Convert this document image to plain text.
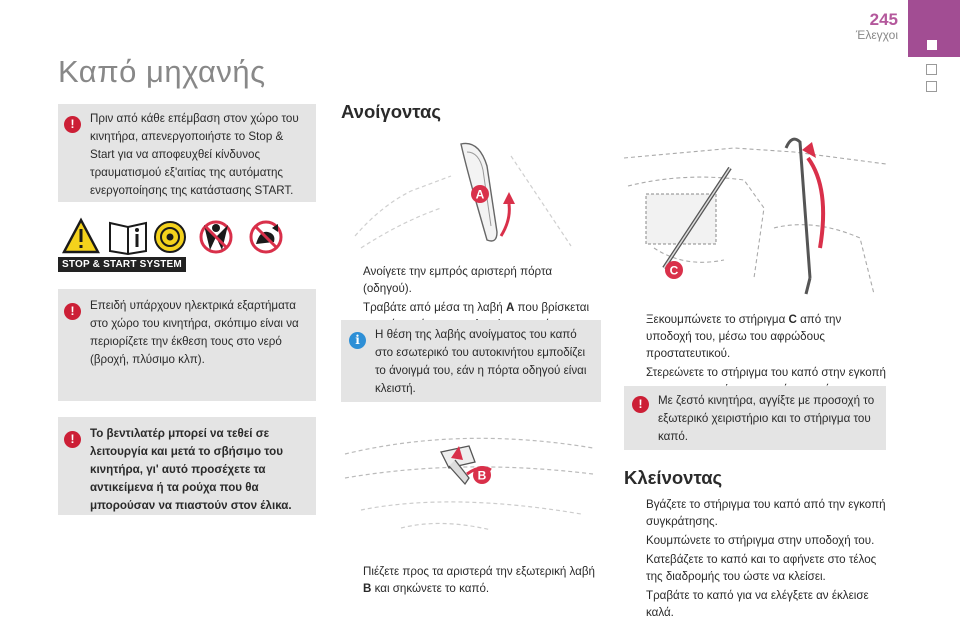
245
Έλεγχοι
Καπό μηχανής
!	Πριν από κάθε επέμβαση στον χώρο του κινητήρα, απενεργοποιήστε το Stop & Start για να αποφευχθεί κίνδυνος τραυματισμού εξ'αιτίας της αυτόματης ενεργοποίησης της κατάστασης START.

STOP & START SYSTEM
!	Επειδή υπάρχουν ηλεκτρικά εξαρτήματα στο χώρο του κινητήρα, σκόπιμο είναι να περιορίζετε την έκθεση τους στο νερό (βροχή, πλύσιμο κλπ).

!	Το βεντιλατέρ μπορεί να τεθεί σε λειτουργία και μετά το σβήσιμο του κινητήρα, γι' αυτό προσέχετε τα αντικείμενα ή τα ρούχα που θα μπορούσαν να πιαστούν στον έλικα.

Ανοίγοντας
A
Ανοίγετε την εμπρός αριστερή πόρτα (οδηγού).
Τραβάτε από μέσα τη λαβή A που βρίσκεται
i	Η θέση της λαβής ανοίγματος του καπό στο εσωτερικό του αυτοκινήτου εμποδίζει το άνοιγμά του, εάν η πόρτα οδηγού είναι κλειστή.

B
Πιέζετε προς τα αριστερά την εξωτερική λαβή B και σηκώνετε το καπό.
C
Ξεκουμπώνετε το στήριγμα C από την υποδοχή του, μέσω του αφρώδους προστατευτικού.
Στερεώνετε το στήριγμα του καπό στην εγκοπή
!	Με ζεστό κινητήρα, αγγίξτε με προσοχή το εξωτερικό χειριστήριο και το στήριγμα του καπό.

Κλείνοντας
Βγάζετε το στήριγμα του καπό από την εγκοπή συγκράτησης.
Κουμπώνετε το στήριγμα στην υποδοχή του.
Κατεβάζετε το καπό και το αφήνετε στο τέλος της διαδρομής του ώστε να κλείσει.
Τραβάτε το καπό για να ελέγξετε αν έκλεισε καλά.
